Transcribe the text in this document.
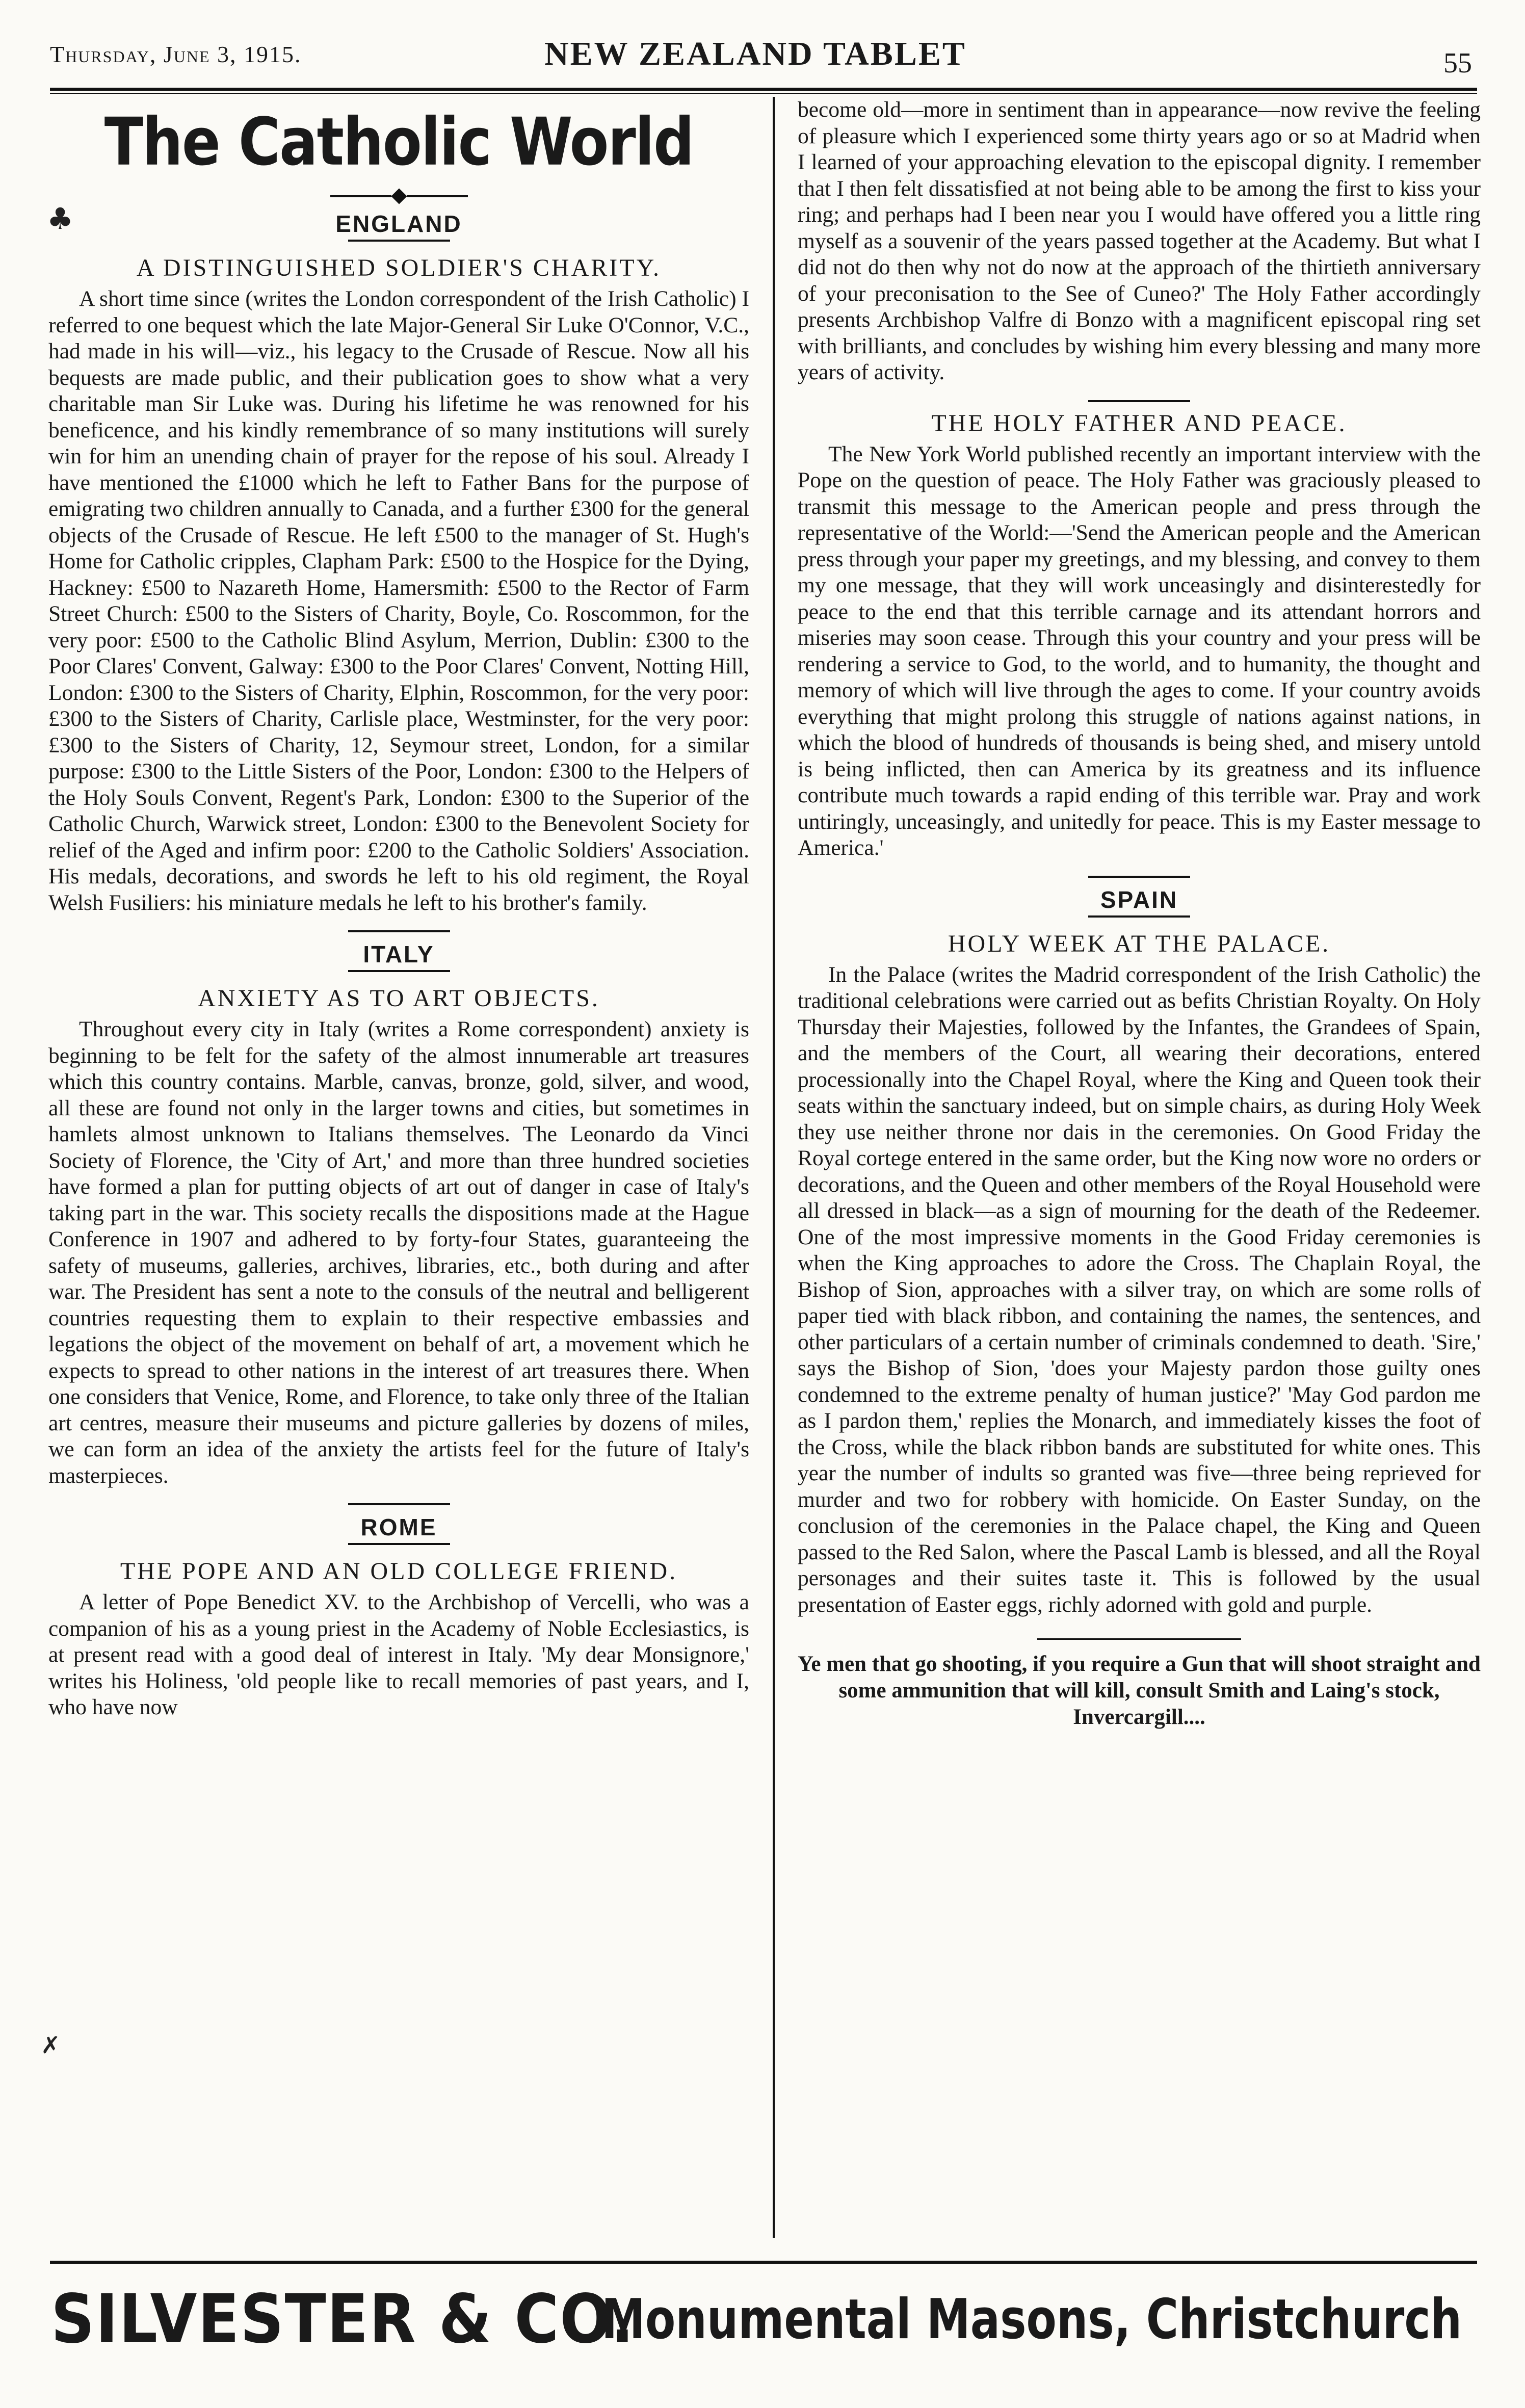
Thursday, June 3, 1915.	NEW ZEALAND TABLET	55
♣
✗
The Catholic World
ENGLAND
A DISTINGUISHED SOLDIER'S CHARITY.

A short time since (writes the London correspondent of the Irish Catholic) I referred to one bequest which the late Major-General Sir Luke O'Connor, V.C., had made in his will—viz., his legacy to the Crusade of Rescue. Now all his bequests are made public, and their publication goes to show what a very charitable man Sir Luke was. During his lifetime he was renowned for his beneficence, and his kindly remembrance of so many institutions will surely win for him an unending chain of prayer for the repose of his soul. Already I have mentioned the £1000 which he left to Father Bans for the purpose of emigrating two children annually to Canada, and a further £300 for the general objects of the Crusade of Rescue. He left £500 to the manager of St. Hugh's Home for Catholic cripples, Clapham Park: £500 to the Hospice for the Dying, Hackney: £500 to Nazareth Home, Hamersmith: £500 to the Rector of Farm Street Church: £500 to the Sisters of Charity, Boyle, Co. Roscommon, for the very poor: £500 to the Catholic Blind Asylum, Merrion, Dublin: £300 to the Poor Clares' Convent, Galway: £300 to the Poor Clares' Convent, Notting Hill, London: £300 to the Sisters of Charity, Elphin, Roscommon, for the very poor: £300 to the Sisters of Charity, Carlisle place, Westminster, for the very poor: £300 to the Sisters of Charity, 12, Seymour street, London, for a similar purpose: £300 to the Little Sisters of the Poor, London: £300 to the Helpers of the Holy Souls Convent, Regent's Park, London: £300 to the Superior of the Catholic Church, Warwick street, London: £300 to the Benevolent Society for relief of the Aged and infirm poor: £200 to the Catholic Soldiers' Association. His medals, decorations, and swords he left to his old regiment, the Royal Welsh Fusiliers: his miniature medals he left to his brother's family.

ITALY
ANXIETY AS TO ART OBJECTS.

Throughout every city in Italy (writes a Rome correspondent) anxiety is beginning to be felt for the safety of the almost innumerable art treasures which this country contains. Marble, canvas, bronze, gold, silver, and wood, all these are found not only in the larger towns and cities, but sometimes in hamlets almost unknown to Italians themselves. The Leonardo da Vinci Society of Florence, the 'City of Art,' and more than three hundred societies have formed a plan for putting objects of art out of danger in case of Italy's taking part in the war. This society recalls the dispositions made at the Hague Conference in 1907 and adhered to by forty-four States, guaranteeing the safety of museums, galleries, archives, libraries, etc., both during and after war. The President has sent a note to the consuls of the neutral and belligerent countries requesting them to explain to their respective embassies and legations the object of the movement on behalf of art, a movement which he expects to spread to other nations in the interest of art treasures there. When one considers that Venice, Rome, and Florence, to take only three of the Italian art centres, measure their museums and picture galleries by dozens of miles, we can form an idea of the anxiety the artists feel for the future of Italy's masterpieces.

ROME
THE POPE AND AN OLD COLLEGE FRIEND.

A letter of Pope Benedict XV. to the Archbishop of Vercelli, who was a companion of his as a young priest in the Academy of Noble Ecclesiastics, is at present read with a good deal of interest in Italy. 'My dear Monsignore,' writes his Holiness, 'old people like to recall memories of past years, and I, who have now

become old—more in sentiment than in appearance—now revive the feeling of pleasure which I experienced some thirty years ago or so at Madrid when I learned of your approaching elevation to the episcopal dignity. I remember that I then felt dissatisfied at not being able to be among the first to kiss your ring; and perhaps had I been near you I would have offered you a little ring myself as a souvenir of the years passed together at the Academy. But what I did not do then why not do now at the approach of the thirtieth anniversary of your preconisation to the See of Cuneo?' The Holy Father accordingly presents Archbishop Valfre di Bonzo with a magnificent episcopal ring set with brilliants, and concludes by wishing him every blessing and many more years of activity.

THE HOLY FATHER AND PEACE.

The New York World published recently an important interview with the Pope on the question of peace. The Holy Father was graciously pleased to transmit this message to the American people and press through the representative of the World:—'Send the American people and the American press through your paper my greetings, and my blessing, and convey to them my one message, that they will work unceasingly and disinterestedly for peace to the end that this terrible carnage and its attendant horrors and miseries may soon cease. Through this your country and your press will be rendering a service to God, to the world, and to humanity, the thought and memory of which will live through the ages to come. If your country avoids everything that might prolong this struggle of nations against nations, in which the blood of hundreds of thousands is being shed, and misery untold is being inflicted, then can America by its greatness and its influence contribute much towards a rapid ending of this terrible war. Pray and work untiringly, unceasingly, and unitedly for peace. This is my Easter message to America.'

SPAIN
HOLY WEEK AT THE PALACE.

In the Palace (writes the Madrid correspondent of the Irish Catholic) the traditional celebrations were carried out as befits Christian Royalty. On Holy Thursday their Majesties, followed by the Infantes, the Grandees of Spain, and the members of the Court, all wearing their decorations, entered processionally into the Chapel Royal, where the King and Queen took their seats within the sanctuary indeed, but on simple chairs, as during Holy Week they use neither throne nor dais in the ceremonies. On Good Friday the Royal cortege entered in the same order, but the King now wore no orders or decorations, and the Queen and other members of the Royal Household were all dressed in black—as a sign of mourning for the death of the Redeemer. One of the most impressive moments in the Good Friday ceremonies is when the King approaches to adore the Cross. The Chaplain Royal, the Bishop of Sion, approaches with a silver tray, on which are some rolls of paper tied with black ribbon, and containing the names, the sentences, and other particulars of a certain number of criminals condemned to death. 'Sire,' says the Bishop of Sion, 'does your Majesty pardon those guilty ones condemned to the extreme penalty of human justice?' 'May God pardon me as I pardon them,' replies the Monarch, and immediately kisses the foot of the Cross, while the black ribbon bands are substituted for white ones. This year the number of indults so granted was five—three being reprieved for murder and two for robbery with homicide. On Easter Sunday, on the conclusion of the ceremonies in the Palace chapel, the King and Queen passed to the Red Salon, where the Pascal Lamb is blessed, and all the Royal personages and their suites taste it. This is followed by the usual presentation of Easter eggs, richly adorned with gold and purple.

Ye men that go shooting, if you require a Gun that will shoot straight and some ammunition that will kill, consult Smith and Laing's stock, Invercargill....

SILVESTER & CO.
Monumental Masons, Christchurch
